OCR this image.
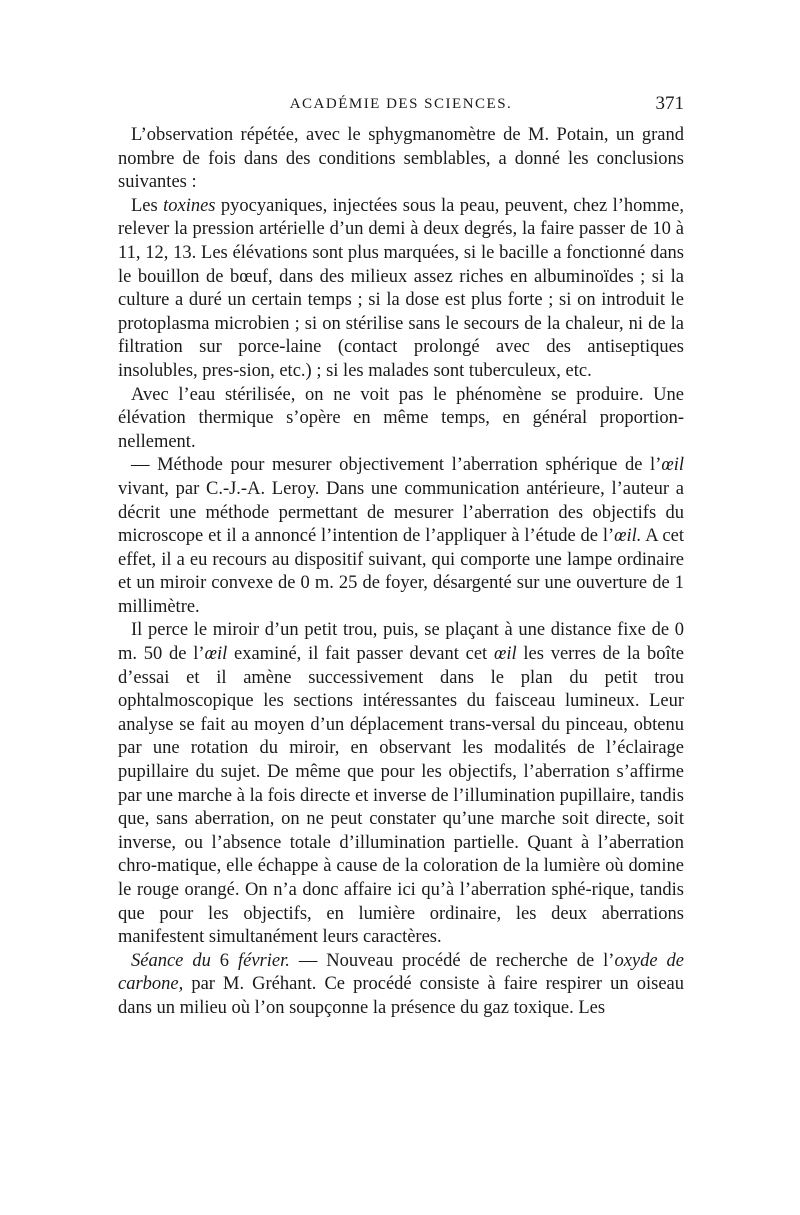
ACADÉMIE DES SCIENCES.	371

L’observation répétée, avec le sphygmanomètre de M. Potain, un grand nombre de fois dans des conditions semblables, a donné les conclusions suivantes :

Les toxines pyocyaniques, injectées sous la peau, peuvent, chez l’homme, relever la pression artérielle d’un demi à deux degrés, la faire passer de 10 à 11, 12, 13. Les élévations sont plus marquées, si le bacille a fonctionné dans le bouillon de bœuf, dans des milieux assez riches en albuminoïdes ; si la culture a duré un certain temps ; si la dose est plus forte ; si on introduit le protoplasma microbien ; si on stérilise sans le secours de la chaleur, ni de la filtration sur porce-laine (contact prolongé avec des antiseptiques insolubles, pres-sion, etc.) ; si les malades sont tuberculeux, etc.

Avec l’eau stérilisée, on ne voit pas le phénomène se produire. Une élévation thermique s’opère en même temps, en général proportion-nellement.

— Méthode pour mesurer objectivement l’aberration sphérique de l’œil vivant, par C.-J.-A. Leroy. Dans une communication antérieure, l’auteur a décrit une méthode permettant de mesurer l’aberration des objectifs du microscope et il a annoncé l’intention de l’appliquer à l’étude de l’œil. A cet effet, il a eu recours au dispositif suivant, qui comporte une lampe ordinaire et un miroir convexe de 0 m. 25 de foyer, désargenté sur une ouverture de 1 millimètre.

Il perce le miroir d’un petit trou, puis, se plaçant à une distance fixe de 0 m. 50 de l’œil examiné, il fait passer devant cet œil les verres de la boîte d’essai et il amène successivement dans le plan du petit trou ophtalmoscopique les sections intéressantes du faisceau lumineux. Leur analyse se fait au moyen d’un déplacement trans-versal du pinceau, obtenu par une rotation du miroir, en observant les modalités de l’éclairage pupillaire du sujet. De même que pour les objectifs, l’aberration s’affirme par une marche à la fois directe et inverse de l’illumination pupillaire, tandis que, sans aberration, on ne peut constater qu’une marche soit directe, soit inverse, ou l’absence totale d’illumination partielle. Quant à l’aberration chro-matique, elle échappe à cause de la coloration de la lumière où domine le rouge orangé. On n’a donc affaire ici qu’à l’aberration sphé-rique, tandis que pour les objectifs, en lumière ordinaire, les deux aberrations manifestent simultanément leurs caractères.

Séance du 6 février. — Nouveau procédé de recherche de l’oxyde de carbone, par M. Gréhant. Ce procédé consiste à faire respirer un oiseau dans un milieu où l’on soupçonne la présence du gaz toxique. Les
